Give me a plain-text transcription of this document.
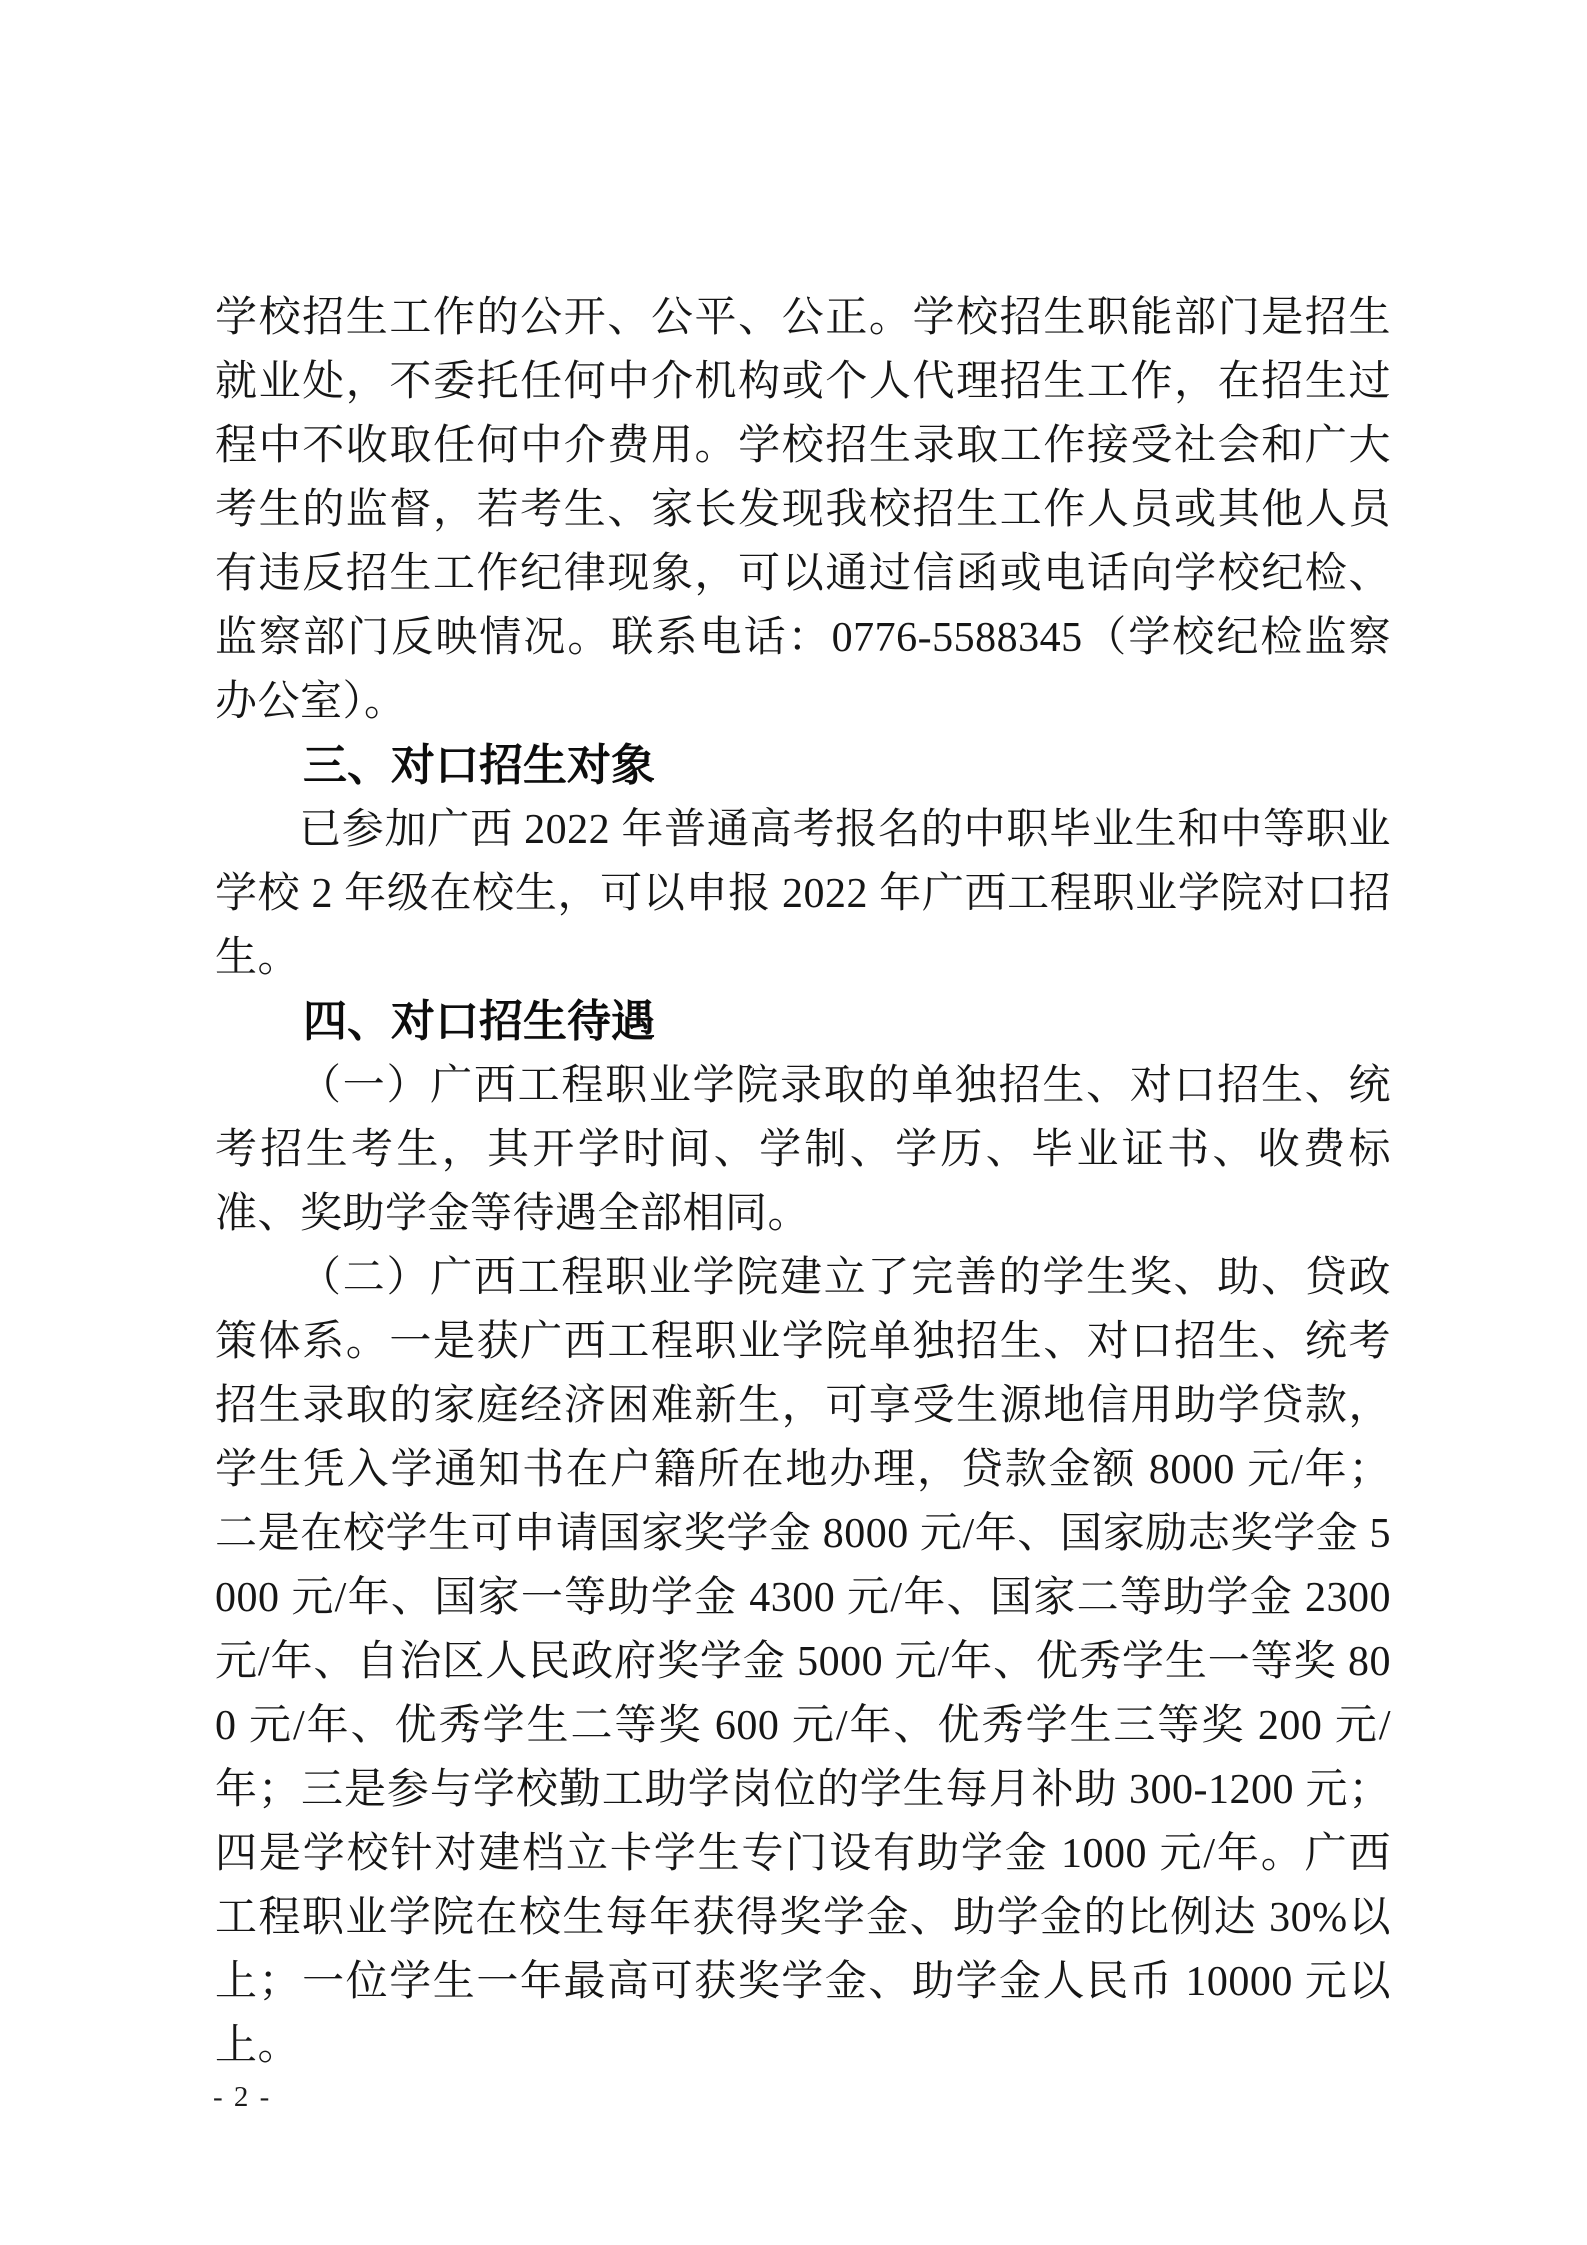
学校招生工作的公开、公平、公正。学校招生职能部门是招生就业处，不委托任何中介机构或个人代理招生工作，在招生过程中不收取任何中介费用。学校招生录取工作接受社会和广大考生的监督，若考生、家长发现我校招生工作人员或其他人员有违反招生工作纪律现象，可以通过信函或电话向学校纪检、监察部门反映情况。联系电话：0776-5588345（学校纪检监察办公室）。

三、对口招生对象

已参加广西 2022 年普通高考报名的中职毕业生和中等职业学校 2 年级在校生，可以申报 2022 年广西工程职业学院对口招生。

四、对口招生待遇

（一）广西工程职业学院录取的单独招生、对口招生、统考招生考生，其开学时间、学制、学历、毕业证书、收费标准、奖助学金等待遇全部相同。

（二）广西工程职业学院建立了完善的学生奖、助、贷政策体系。一是获广西工程职业学院单独招生、对口招生、统考招生录取的家庭经济困难新生，可享受生源地信用助学贷款，学生凭入学通知书在户籍所在地办理，贷款金额 8000 元/年；二是在校学生可申请国家奖学金 8000 元/年、国家励志奖学金 5000 元/年、国家一等助学金 4300 元/年、国家二等助学金 2300 元/年、自治区人民政府奖学金 5000 元/年、优秀学生一等奖 800 元/年、优秀学生二等奖 600 元/年、优秀学生三等奖 200 元/年；三是参与学校勤工助学岗位的学生每月补助 300-1200 元；四是学校针对建档立卡学生专门设有助学金 1000 元/年。广西工程职业学院在校生每年获得奖学金、助学金的比例达 30%以上；一位学生一年最高可获奖学金、助学金人民币 10000 元以上。

- 2 -
